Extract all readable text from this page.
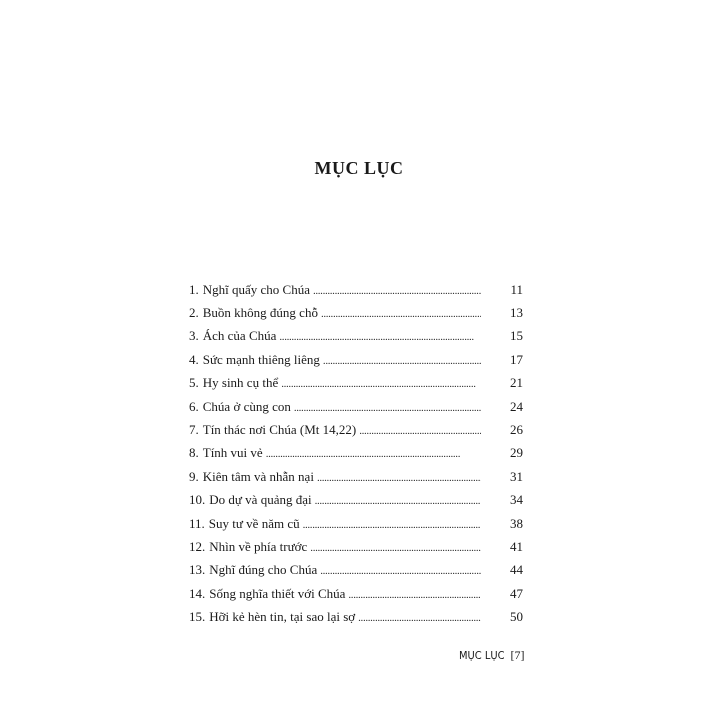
MỤC LỤC
1. Nghĩ quấy cho Chúa . . .	11
2. Buồn không đúng chỗ . . .	13
3. Ách của Chúa . . .	15
4. Sức mạnh thiêng liêng . . .	17
5. Hy sinh cụ thể . . .	21
6. Chúa ở cùng con . . .	24
7. Tín thác nơi Chúa (Mt 14,22) . . .	26
8. Tính vui vẻ . . .	29
9. Kiên tâm và nhẫn nại . . .	31
10. Do dự và quảng đại . . .	34
11. Suy tư về năm cũ . . .	38
12. Nhìn về phía trước . . .	41
13. Nghĩ đúng cho Chúa . . .	44
14. Sống nghĩa thiết với Chúa . . .	47
15. Hỡi kẻ hèn tin, tại sao lại sợ . . .	50
MỤC LỤC [7]
